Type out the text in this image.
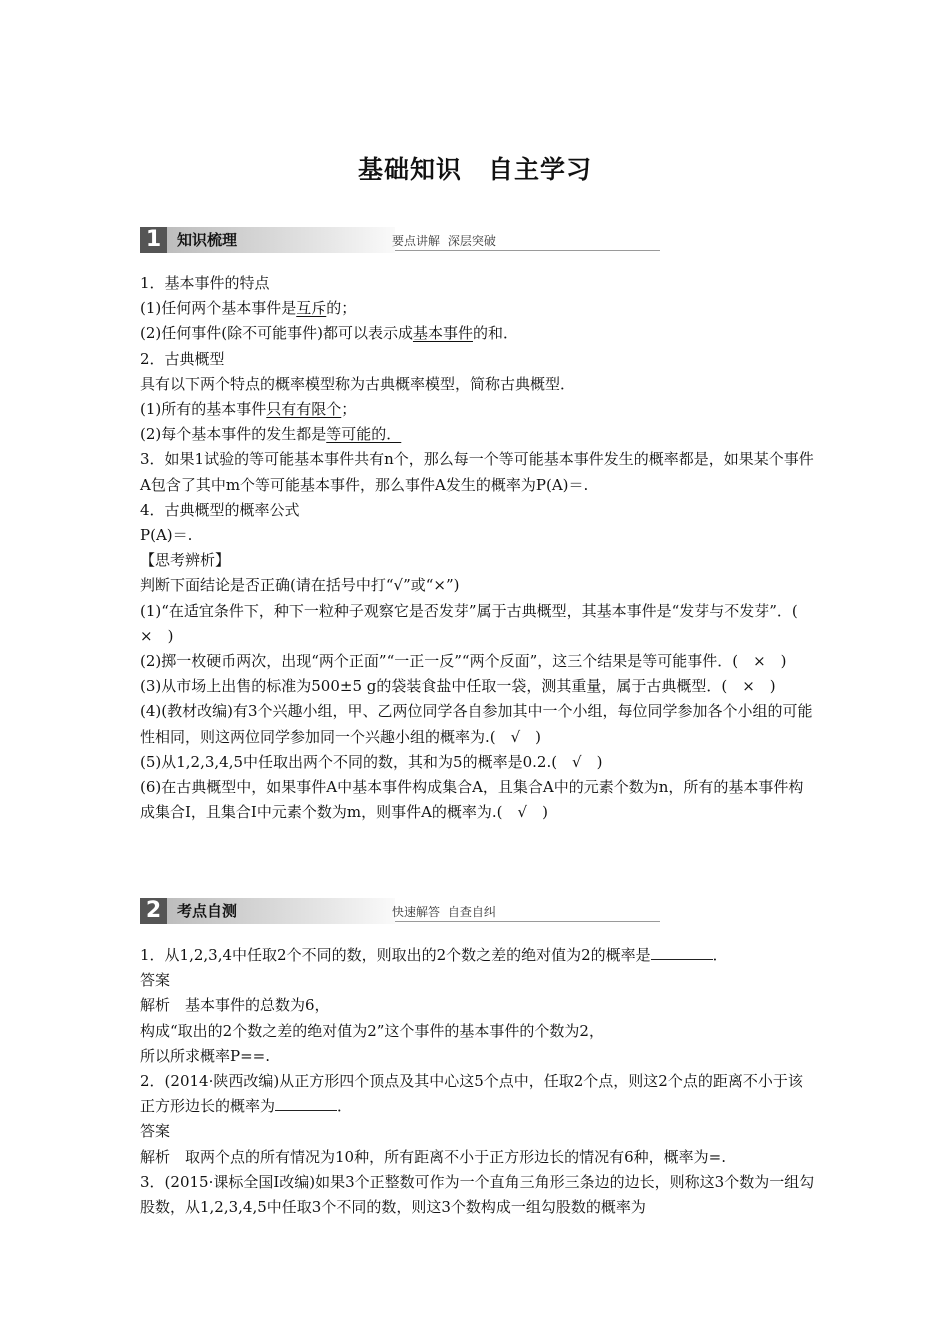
基础知识　自主学习
1	知识梳理	要点讲解 深层突破

1．基本事件的特点

(1)任何两个基本事件是互斥的；

(2)任何事件(除不可能事件)都可以表示成基本事件的和．

2．古典概型

具有以下两个特点的概率模型称为古典概率模型，简称古典概型．

(1)所有的基本事件只有有限个；

(2)每个基本事件的发生都是等可能的．

3．如果1试验的等可能基本事件共有n个，那么每一个等可能基本事件发生的概率都是，如果某个事件A包含了其中m个等可能基本事件，那么事件A发生的概率为P(A)＝.

4．古典概型的概率公式

P(A)＝.

【思考辨析】

判断下面结论是否正确(请在括号中打“√”或“×”)

(1)“在适宜条件下，种下一粒种子观察它是否发芽”属于古典概型，其基本事件是“发芽与不发芽”．(　×　)

(2)掷一枚硬币两次，出现“两个正面”“一正一反”“两个反面”，这三个结果是等可能事件．(　×　)

(3)从市场上出售的标准为500±5 g的袋装食盐中任取一袋，测其重量，属于古典概型．(　×　)

(4)(教材改编)有3个兴趣小组，甲、乙两位同学各自参加其中一个小组，每位同学参加各个小组的可能性相同，则这两位同学参加同一个兴趣小组的概率为.(　√　)

(5)从1,2,3,4,5中任取出两个不同的数，其和为5的概率是0.2.(　√　)

(6)在古典概型中，如果事件A中基本事件构成集合A，且集合A中的元素个数为n，所有的基本事件构成集合I，且集合I中元素个数为m，则事件A的概率为.(　√　)

2	考点自测	快速解答 自查自纠

1．从1,2,3,4中任取2个不同的数，则取出的2个数之差的绝对值为2的概率是	．

答案

解析　基本事件的总数为6，

构成“取出的2个数之差的绝对值为2”这个事件的基本事件的个数为2，

所以所求概率P==.

2．(2014·陕西改编)从正方形四个顶点及其中心这5个点中，任取2个点，则这2个点的距离不小于该正方形边长的概率为	．

答案

解析　取两个点的所有情况为10种，所有距离不小于正方形边长的情况有6种，概率为=.

3．(2015·课标全国Ⅰ改编)如果3个正整数可作为一个直角三角形三条边的边长，则称这3个数为一组勾股数，从1,2,3,4,5中任取3个不同的数，则这3个数构成一组勾股数的概率为
